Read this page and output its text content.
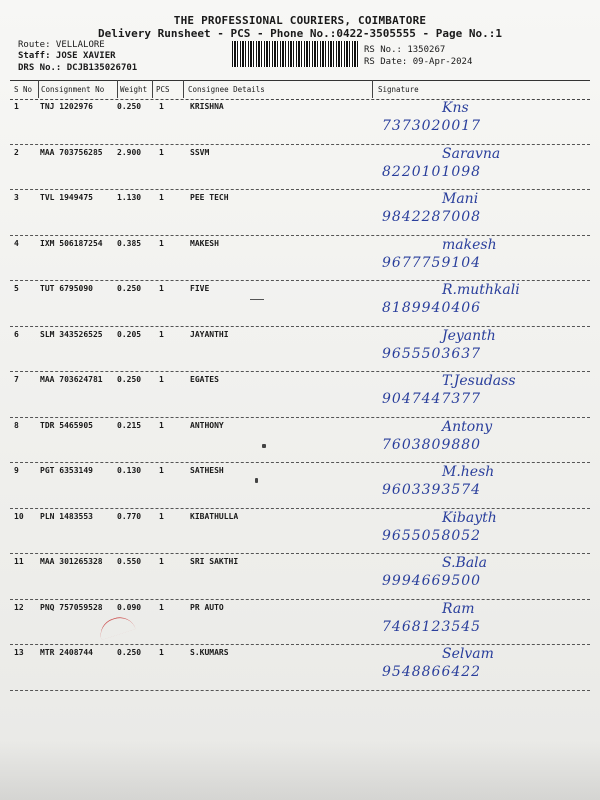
THE PROFESSIONAL COURIERS, COIMBATORE
Delivery Runsheet - PCS - Phone No.:0422-3505555 - Page No.:1
Route: VELLALORE
Staff: JOSE XAVIER
DRS No.: DCJB135026701
RS No.: 1350267
RS Date: 09-Apr-2024
S No Consignment No Weight PCS Consignee Details	Signature
1	TNJ 1202976	0.250 1	KRISHNA	Kns
7373020017
2	MAA 703756285 2.900 1	SSVM	Saravna
8220101098
3	TVL 1949475	1.130 1	PEE TECH	Mani
9842287008
4	IXM 506187254 0.385 1	MAKESH	makesh
9677759104
5	TUT 6795090	0.250 1	FIVE	R.muthkali
8189940406
6	SLM 343526525 0.205 1	JAYANTHI	Jeyanth
9655503637
7	MAA 703624781 0.250 1	EGATES	T.Jesudass
9047447377
8	TDR 5465905	0.215 1	ANTHONY	Antony
7603809880
9	PGT 6353149	0.130 1	SATHESH	M.hesh
9603393574
10 PLN 1483553	0.770 1	KIBATHULLA	Kibayth
9655058052
11 MAA 301265328 0.550 1	SRI SAKTHI	S.Bala
9994669500
12 PNQ 757059528 0.090 1	PR AUTO	Ram
7468123545
13 MTR 2408744	0.250 1	S.KUMARS	Selvam
9548866422
